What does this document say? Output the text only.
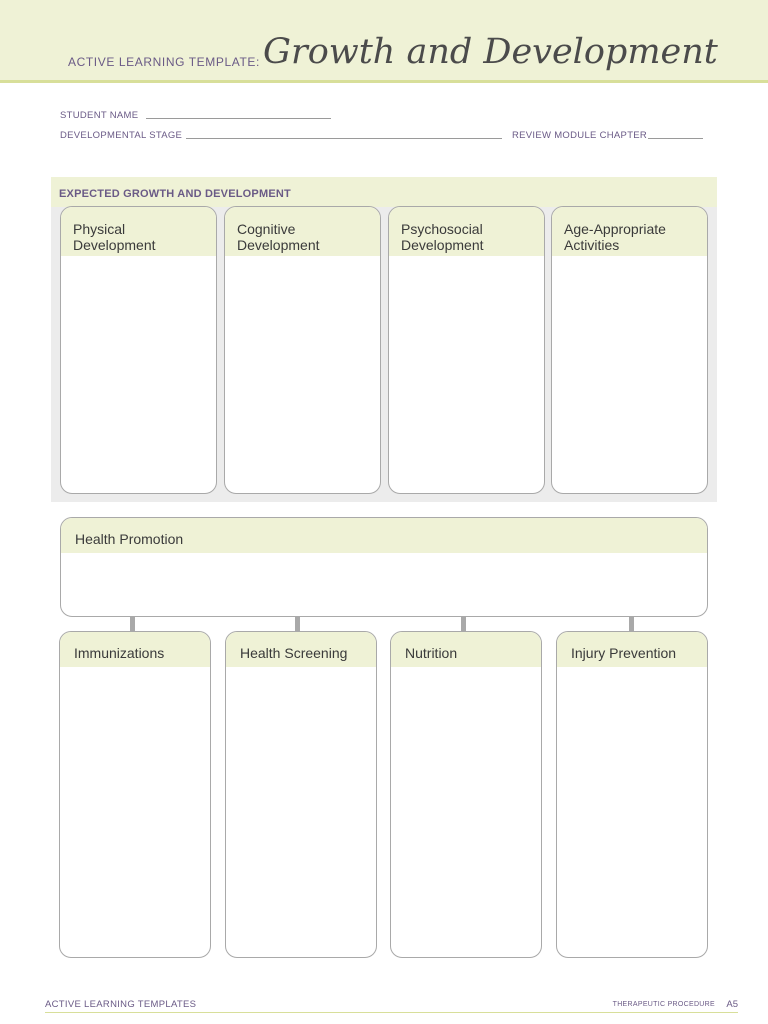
ACTIVE LEARNING TEMPLATE: Growth and Development
STUDENT NAME
DEVELOPMENTAL STAGE	REVIEW MODULE CHAPTER
EXPECTED GROWTH AND DEVELOPMENT
Physical
Development
Cognitive
Development
Psychosocial
Development
Age-Appropriate
Activities
Health Promotion
Immunizations	Health Screening	Nutrition	Injury Prevention
ACTIVE LEARNING TEMPLATES	THERAPEUTIC PROCEDURE A5
